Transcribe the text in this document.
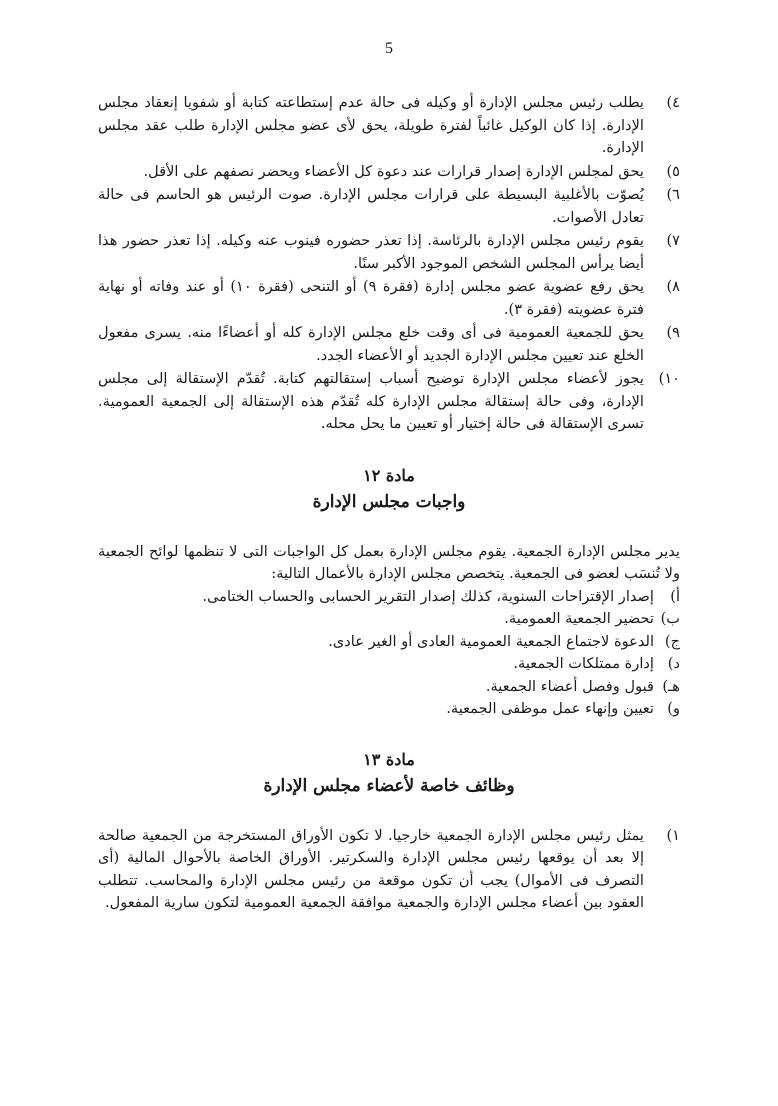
5
٤)
يطلب رئيس مجلس الإدارة أو وكيله فى حالة عدم إستطاعته كتابة أو شفويا إنعقاد مجلس الإدارة. إذا كان الوكيل غائباً لفترة طويلة، يحق لأى عضو مجلس الإدارة طلب عقد مجلس الإدارة.
٥)
يحق لمجلس الإدارة إصدار قرارات عند دعوة كل الأعضاء ويحضر نصفهم على الأقل.
٦)
يُصوّت بالأغلبية البسيطة على قرارات مجلس الإدارة. صوت الرئيس هو الحاسم فى حالة تعادل الأصوات.
٧)
يقوم رئيس مجلس الإدارة بالرئاسة. إذا تعذر حضوره فينوب عنه وكيله. إذا تعذر حضور هذا أيضا يرأس المجلس الشخص الموجود الأكبر سنًا.
٨)
يحق رفع عضوية عضو مجلس إدارة (فقرة ٩) أو التنحى (فقرة ١٠) أو عند وفاته أو نهاية فترة عضويته (فقرة ٣).
٩)
يحق للجمعية العمومية فى أى وقت خلع مجلس الإدارة كله أو أعضاءًا منه. يسرى مفعول الخلع عند تعيين مجلس الإدارة الجديد أو الأعضاء الجدد.
١٠)
يجوز لأعضاء مجلس الإدارة توضيح أسباب إستقالتهم كتابة. تُقدّم الإستقالة إلى مجلس الإدارة، وفى حالة إستقالة مجلس الإدارة كله تُقدّم هذه الإستقالة إلى الجمعية العمومية. تسرى الإستقالة فى حالة إختيار أو تعيين ما يحل محله.
مادة ١٢
واجبات مجلس الإدارة
يدير مجلس الإدارة الجمعية. يقوم مجلس الإدارة بعمل كل الواجبات التى لا تنظمها لوائح الجمعية ولا تُنسَب لعضو فى الجمعية. يتخصص مجلس الإدارة بالأعمال التالية:
أ)
إصدار الإقتراحات السنوية، كذلك إصدار التقرير الحسابى والحساب الختامى.
ب)
تحضير الجمعية العمومية.
ج)
الدعوة لاجتماع الجمعية العمومية العادى أو الغير عادى.
د)
إدارة ممتلكات الجمعية.
هـ)
قبول وفصل أعضاء الجمعية.
و)
تعيين وإنهاء عمل موظفى الجمعية.
مادة ١٣
وظائف خاصة لأعضاء مجلس الإدارة
١)
يمثل رئيس مجلس الإدارة الجمعية خارجيا. لا تكون الأوراق المستخرجة من الجمعية صالحة إلا بعد أن يوقعها رئيس مجلس الإدارة والسكرتير. الأوراق الخاصة بالأحوال المالية (أى التصرف فى الأموال) يجب أن تكون موقعة من رئيس مجلس الإدارة والمحاسب. تتطلب العقود بين أعضاء مجلس الإدارة والجمعية موافقة الجمعية العمومية لتكون سارية المفعول.
